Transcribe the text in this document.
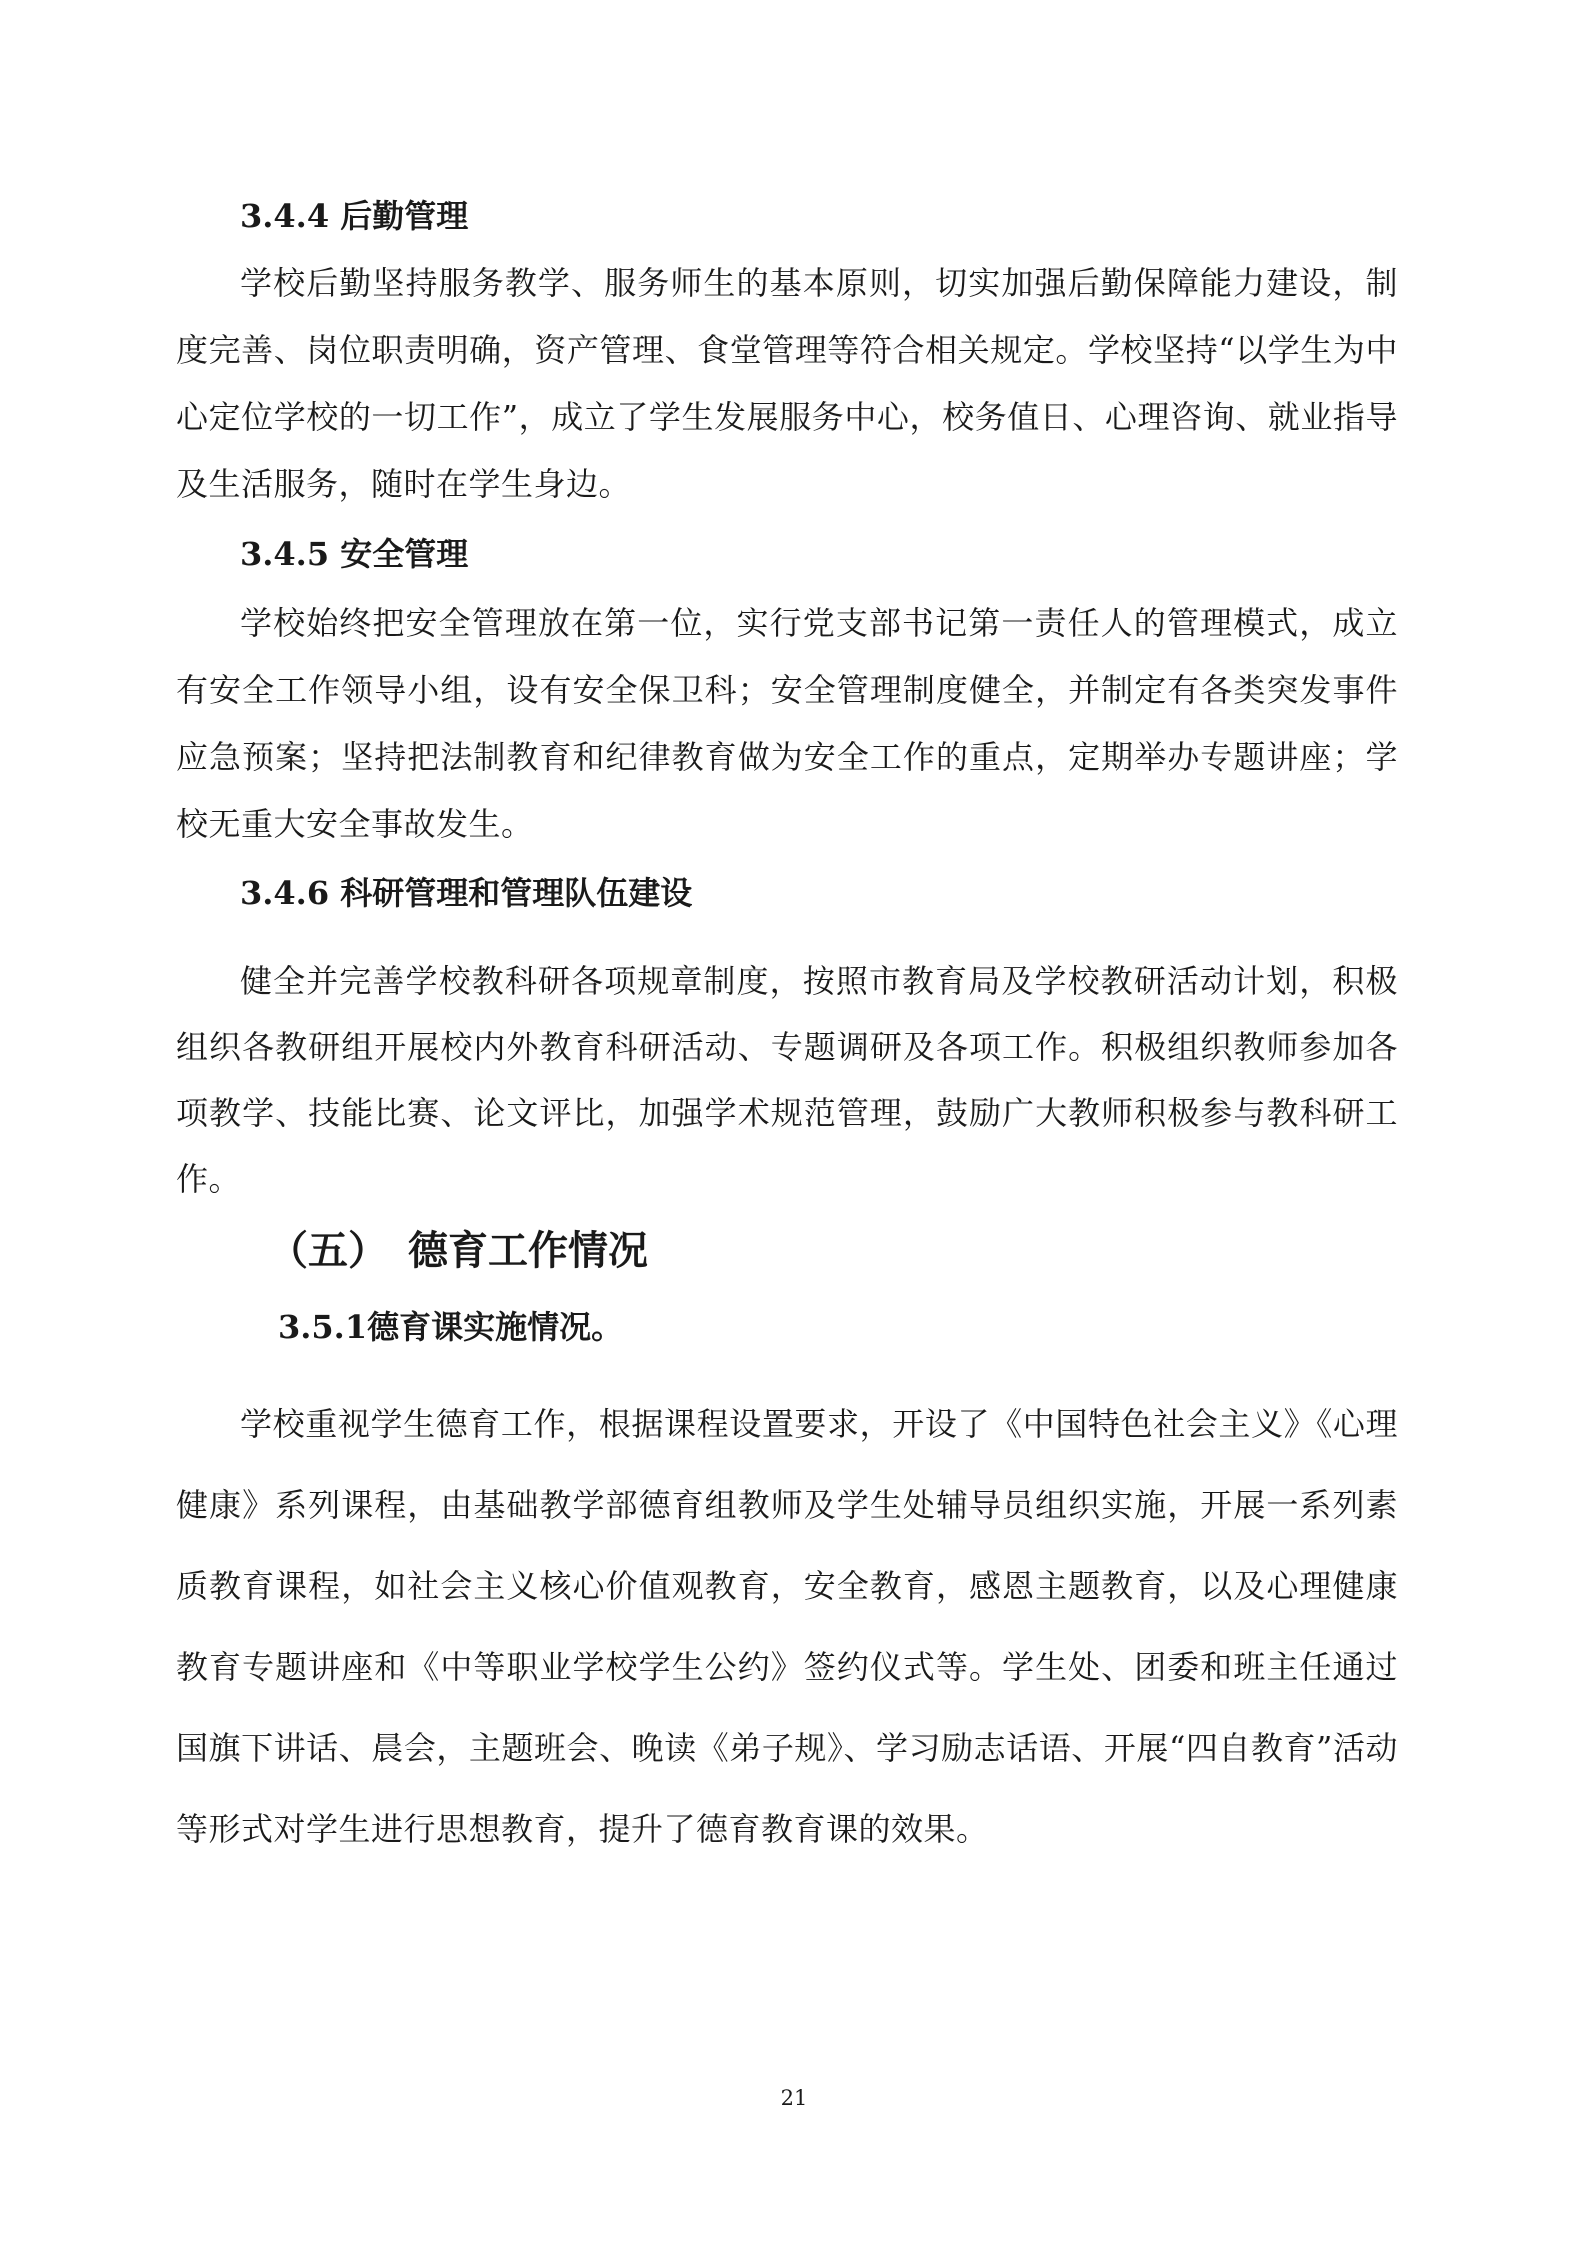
3.4.4 后勤管理

学校后勤坚持服务教学、服务师生的基本原则，切实加强后勤保障能力建设，制度完善、岗位职责明确，资产管理、食堂管理等符合相关规定。学校坚持“以学生为中心定位学校的一切工作”，成立了学生发展服务中心，校务值日、心理咨询、就业指导及生活服务，随时在学生身边。

3.4.5 安全管理

学校始终把安全管理放在第一位，实行党支部书记第一责任人的管理模式，成立有安全工作领导小组，设有安全保卫科；安全管理制度健全，并制定有各类突发事件应急预案；坚持把法制教育和纪律教育做为安全工作的重点，定期举办专题讲座；学校无重大安全事故发生。

3.4.6 科研管理和管理队伍建设

健全并完善学校教科研各项规章制度，按照市教育局及学校教研活动计划，积极组织各教研组开展校内外教育科研活动、专题调研及各项工作。积极组织教师参加各项教学、技能比赛、论文评比，加强学术规范管理，鼓励广大教师积极参与教科研工作。

（五）　德育工作情况
3.5.1德育课实施情况。

学校重视学生德育工作，根据课程设置要求，开设了《中国特色社会主义》《心理健康》系列课程，由基础教学部德育组教师及学生处辅导员组织实施，开展一系列素质教育课程，如社会主义核心价值观教育，安全教育，感恩主题教育，以及心理健康教育专题讲座和《中等职业学校学生公约》签约仪式等。学生处、团委和班主任通过国旗下讲话、晨会，主题班会、晚读《弟子规》、学习励志话语、开展“四自教育”活动等形式对学生进行思想教育，提升了德育教育课的效果。

21
